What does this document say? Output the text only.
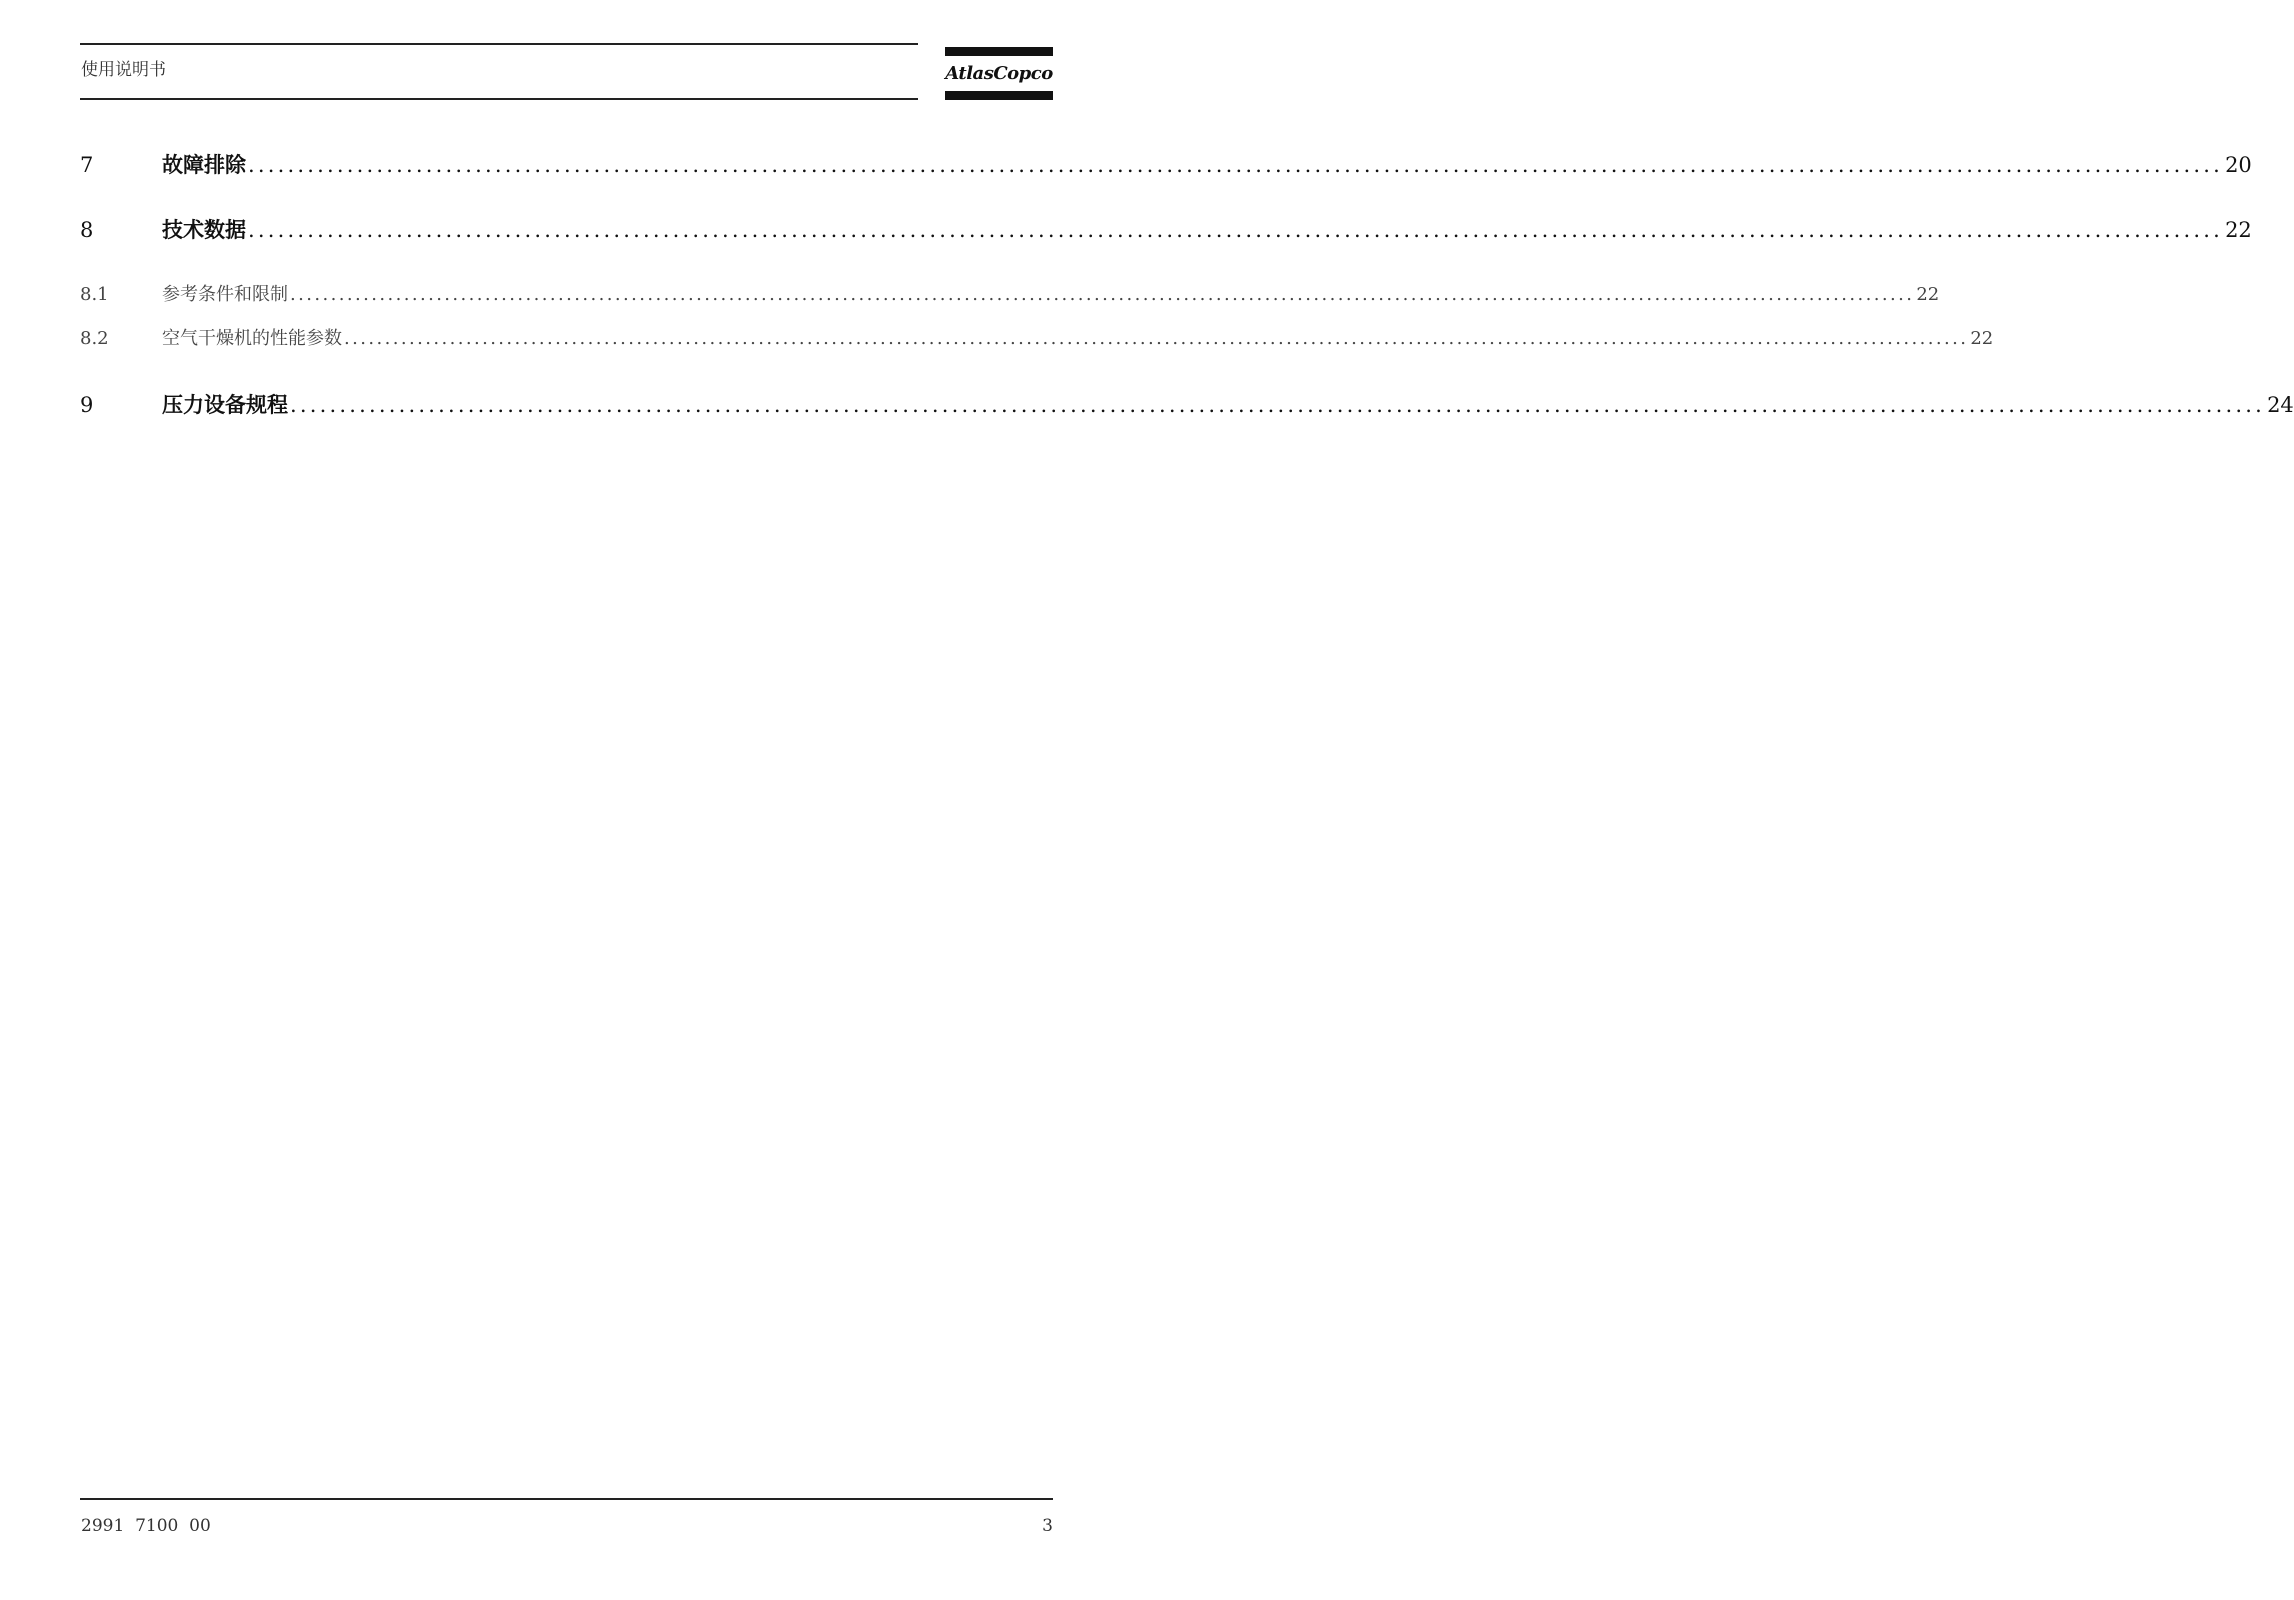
使用说明书	AtlasCopco
7	故障排除 ........................................................................................................................................................................................................ 20
8	技术数据 ........................................................................................................................................................................................................ 22
8.1	参考条件和限制 ........................................................................................................................................................................................................ 22
8.2	空气干燥机的性能参数 ........................................................................................................................................................................................................ 22
9	压力设备规程 ........................................................................................................................................................................................................ 24
2991  7100  00	3
